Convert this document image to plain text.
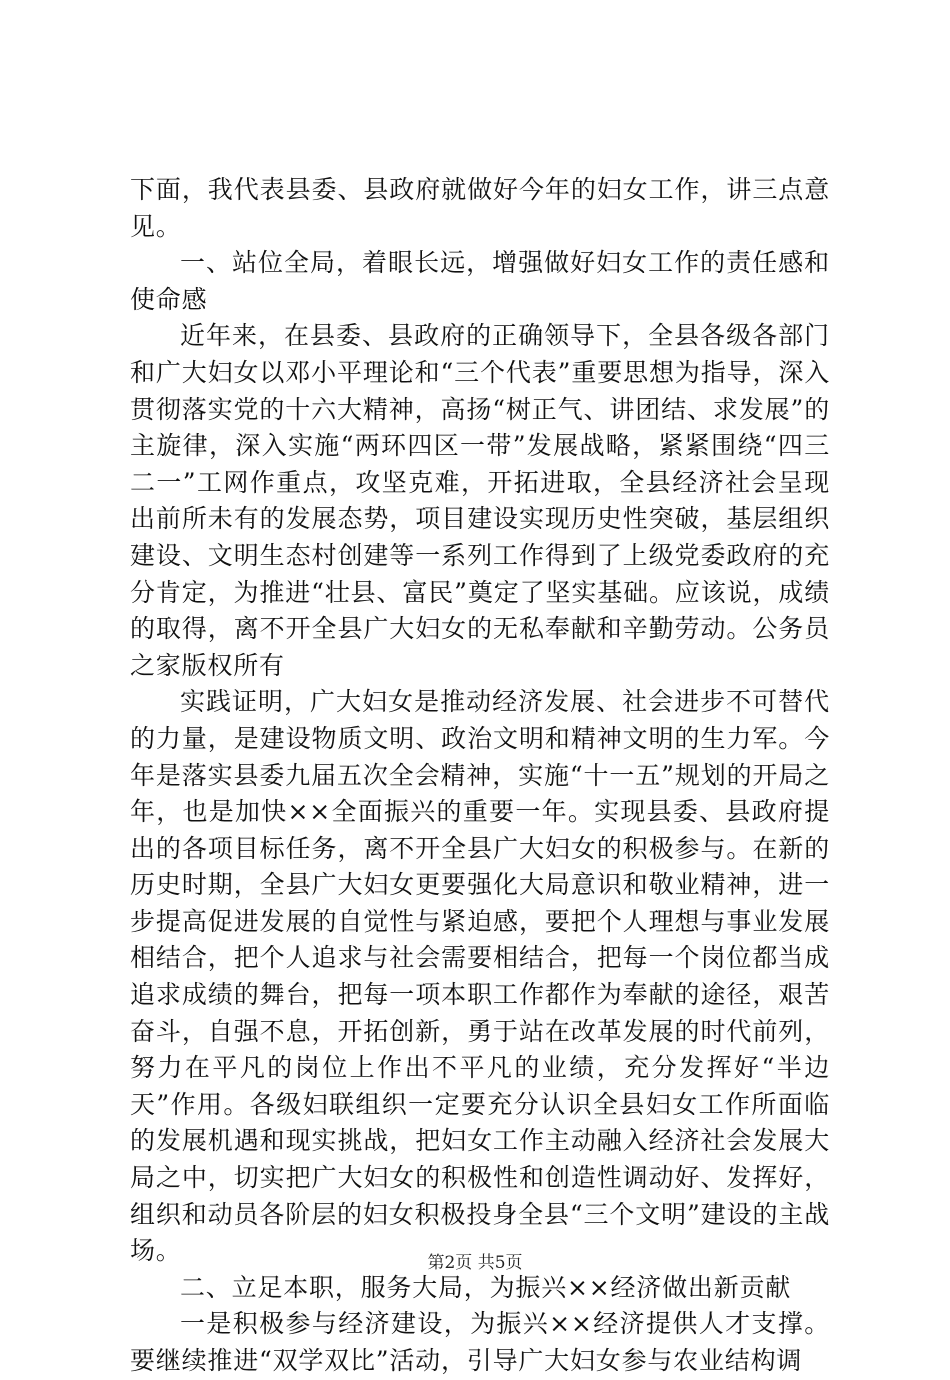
下面，我代表县委、县政府就做好今年的妇女工作，讲三点意见。

一、站位全局，着眼长远，增强做好妇女工作的责任感和使命感

近年来，在县委、县政府的正确领导下，全县各级各部门和广大妇女以邓小平理论和“三个代表”重要思想为指导，深入贯彻落实党的十六大精神，高扬“树正气、讲团结、求发展”的主旋律，深入实施“两环四区一带”发展战略，紧紧围绕“四三二一”工网作重点，攻坚克难，开拓进取，全县经济社会呈现出前所未有的发展态势，项目建设实现历史性突破，基层组织建设、文明生态村创建等一系列工作得到了上级党委政府的充分肯定，为推进“壮县、富民”奠定了坚实基础。应该说，成绩的取得，离不开全县广大妇女的无私奉献和辛勤劳动。公务员之家版权所有

实践证明，广大妇女是推动经济发展、社会进步不可替代的力量，是建设物质文明、政治文明和精神文明的生力军。今年是落实县委九届五次全会精神，实施“十一五”规划的开局之年，也是加快××全面振兴的重要一年。实现县委、县政府提出的各项目标任务，离不开全县广大妇女的积极参与。在新的历史时期，全县广大妇女更要强化大局意识和敬业精神，进一步提高促进发展的自觉性与紧迫感，要把个人理想与事业发展相结合，把个人追求与社会需要相结合，把每一个岗位都当成追求成绩的舞台，把每一项本职工作都作为奉献的途径，艰苦奋斗，自强不息，开拓创新，勇于站在改革发展的时代前列，努力在平凡的岗位上作出不平凡的业绩，充分发挥好“半边天”作用。各级妇联组织一定要充分认识全县妇女工作所面临的发展机遇和现实挑战，把妇女工作主动融入经济社会发展大局之中，切实把广大妇女的积极性和创造性调动好、发挥好，组织和动员各阶层的妇女积极投身全县“三个文明”建设的主战场。

二、立足本职，服务大局，为振兴××经济做出新贡献

一是积极参与经济建设，为振兴××经济提供人才支撑。要继续推进“双学双比”活动，引导广大妇女参与农业结构调

第2页 共5页
